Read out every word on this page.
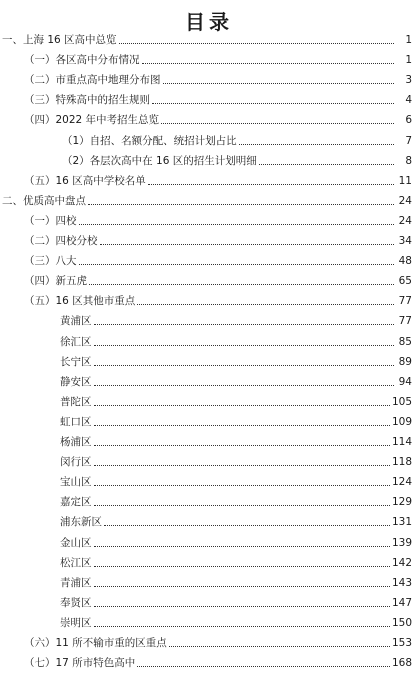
目录
一、上海 16 区高中总览	1
（一）各区高中分布情况	1
（二）市重点高中地理分布图	3
（三）特殊高中的招生规则	4
（四）2022 年中考招生总览	6
（1）自招、名额分配、统招计划占比	7
（2）各层次高中在 16 区的招生计划明细	8
（五）16 区高中学校名单	11
二、优质高中盘点	24
（一）四校	24
（二）四校分校	34
（三）八大	48
（四）新五虎	65
（五）16 区其他市重点	77
黄浦区	77
徐汇区	85
长宁区	89
静安区	94
普陀区	105
虹口区	109
杨浦区	114
闵行区	118
宝山区	124
嘉定区	129
浦东新区	131
金山区	139
松江区	142
青浦区	143
奉贤区	147
崇明区	150
（六）11 所不输市重的区重点	153
（七）17 所市特色高中	168
